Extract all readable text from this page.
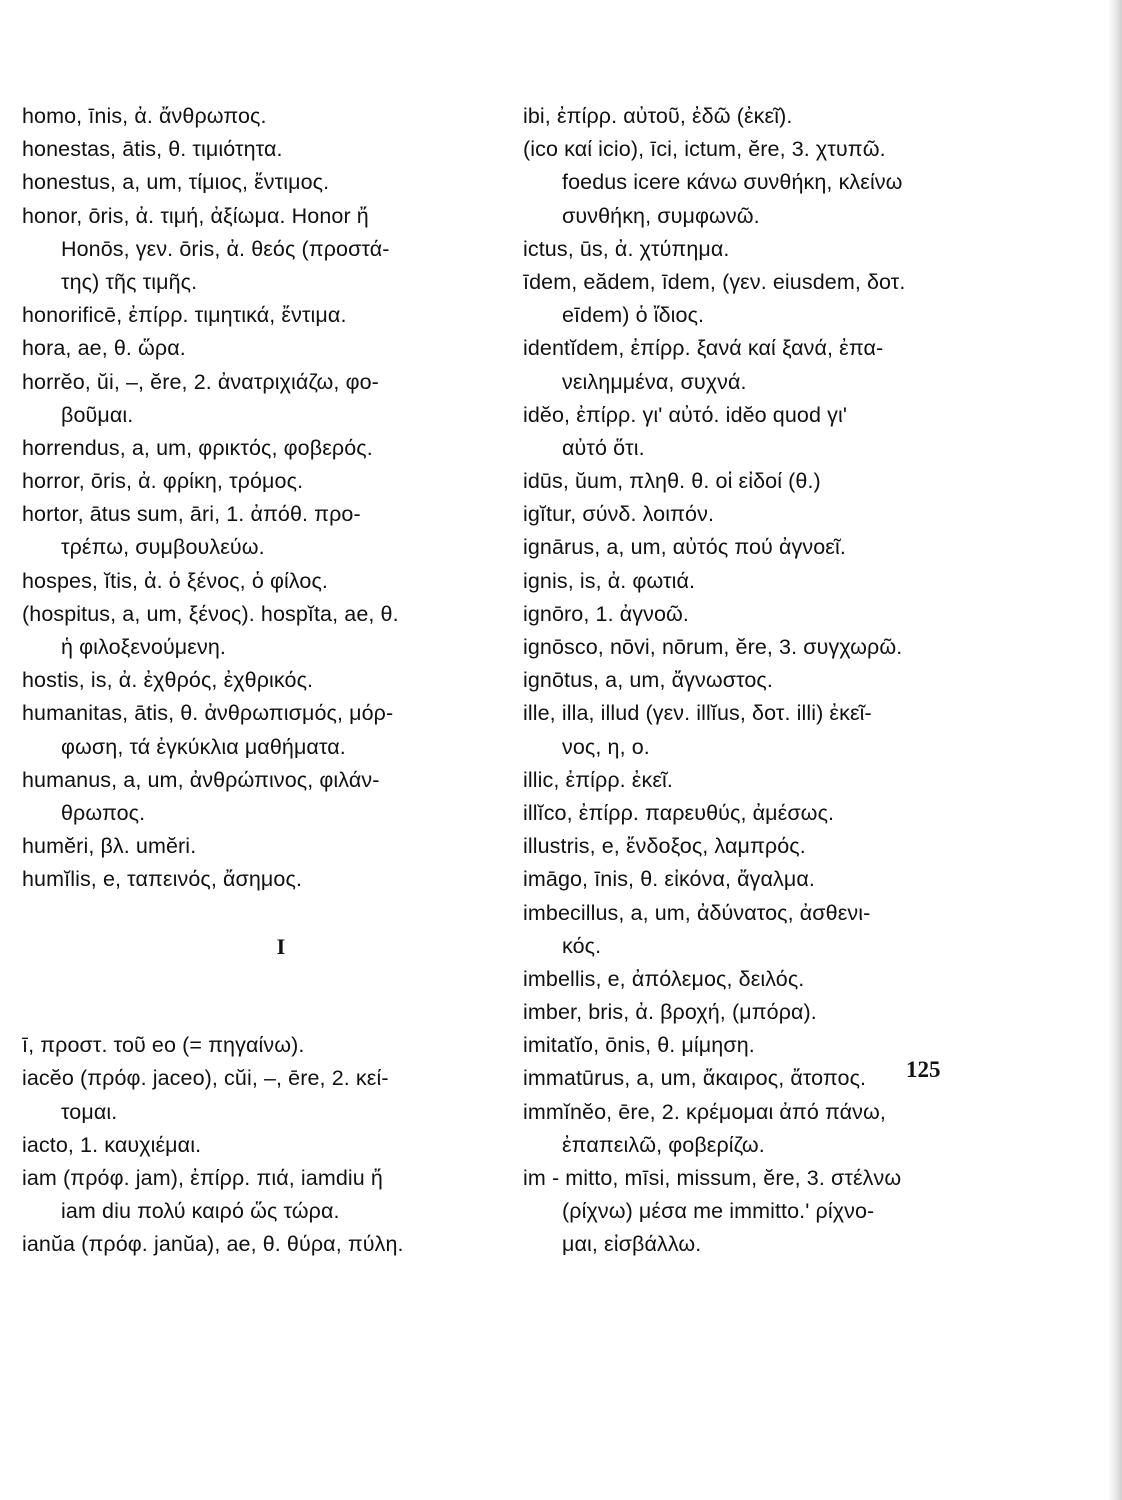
homo, īnis, ἀ. ἄνθρωπος.
honestas, ātis, θ. τιμιότητα.
honestus, a, um, τίμιος, ἔντιμος.
honor, ōris, ἀ. τιμή, ἀξίωμα. Honor ἤ
Honōs, γεν. ōris, ἀ. θεός (προστά-
της) τῆς τιμῆς.
honorificē, ἐπίρρ. τιμητικά, ἔντιμα.
hora, ae, θ. ὥρα.
horrĕo, ŭi, –, ĕre, 2. ἀνατριχιάζω, φο-
βοῦμαι.
horrendus, a, um, φρικτός, φοβερός.
horror, ōris, ἀ. φρίκη, τρόμος.
hortor, ātus sum, āri, 1. ἀπόθ. προ-
τρέπω, συμβουλεύω.
hospes, ĭtis, ἀ. ὁ ξένος, ὁ φίλος.
(hospitus, a, um, ξένος). hospĭta, ae, θ.
ἡ φιλοξενούμενη.
hostis, is, ἀ. ἐχθρός, ἐχθρικός.
humanitas, ātis, θ. ἀνθρωπισμός, μόρ-
φωση, τά ἐγκύκλια μαθήματα.
humanus, a, um, ἀνθρώπινος, φιλάν-
θρωπος.
humĕri, βλ. umĕri.
humĭlis, e, ταπεινός, ἄσημος.
I
ī, προστ. τοῦ eo (= πηγαίνω).
iacĕo (πρόφ. jaceo), cŭi, –, ēre, 2. κεί-
τομαι.
iacto, 1. καυχιέμαι.
iam (πρόφ. jam), ἐπίρρ. πιά, iamdiu ἤ
iam diu πολύ καιρό ὥς τώρα.
ianŭa (πρόφ. janŭa), ae, θ. θύρα, πύλη.
ibi, ἐπίρρ. αὐτοῦ, ἐδῶ (ἐκεῖ).
(ico καί icio), īci, ictum, ĕre, 3. χτυπῶ.
foedus icere κάνω συνθήκη, κλείνω
συνθήκη, συμφωνῶ.
ictus, ūs, ἀ. χτύπημα.
īdem, eădem, īdem, (γεν. eiusdem, δοτ.
eīdem) ὁ ἴδιος.
identĭdem, ἐπίρρ. ξανά καί ξανά, ἐπα-
νειλημμένα, συχνά.
idĕo, ἐπίρρ. γι' αὐτό. idĕo quod γι'
αὐτό ὅτι.
idūs, ŭum, πληθ. θ. οἱ εἰδοί (θ.)
igĭtur, σύνδ. λοιπόν.
ignārus, a, um, αὐτός πού ἀγνοεῖ.
ignis, is, ἀ. φωτιά.
ignōro, 1. ἀγνοῶ.
ignōsco, nōvi, nōrum, ĕre, 3. συγχωρῶ.
ignōtus, a, um, ἄγνωστος.
ille, illa, illud (γεν. illĭus, δοτ. illi) ἐκεῖ-
νος, η, ο.
illic, ἐπίρρ. ἐκεῖ.
illĭco, ἐπίρρ. παρευθύς, ἀμέσως.
illustris, e, ἔνδοξος, λαμπρός.
imāgo, īnis, θ. εἰκόνα, ἄγαλμα.
imbecillus, a, um, ἀδύνατος, ἀσθενι-
κός.
imbellis, e, ἀπόλεμος, δειλός.
imber, bris, ἀ. βροχή, (μπόρα).
imitatĭo, ōnis, θ. μίμηση.
immatūrus, a, um, ἄκαιρος, ἄτοπος.
immĭnĕo, ēre, 2. κρέμομαι ἀπό πάνω,
ἐπαπειλῶ, φοβερίζω.
im - mitto, mīsi, missum, ĕre, 3. στέλνω
(ρίχνω) μέσα me immitto.' ρίχνο-
μαι, εἰσβάλλω.
125
